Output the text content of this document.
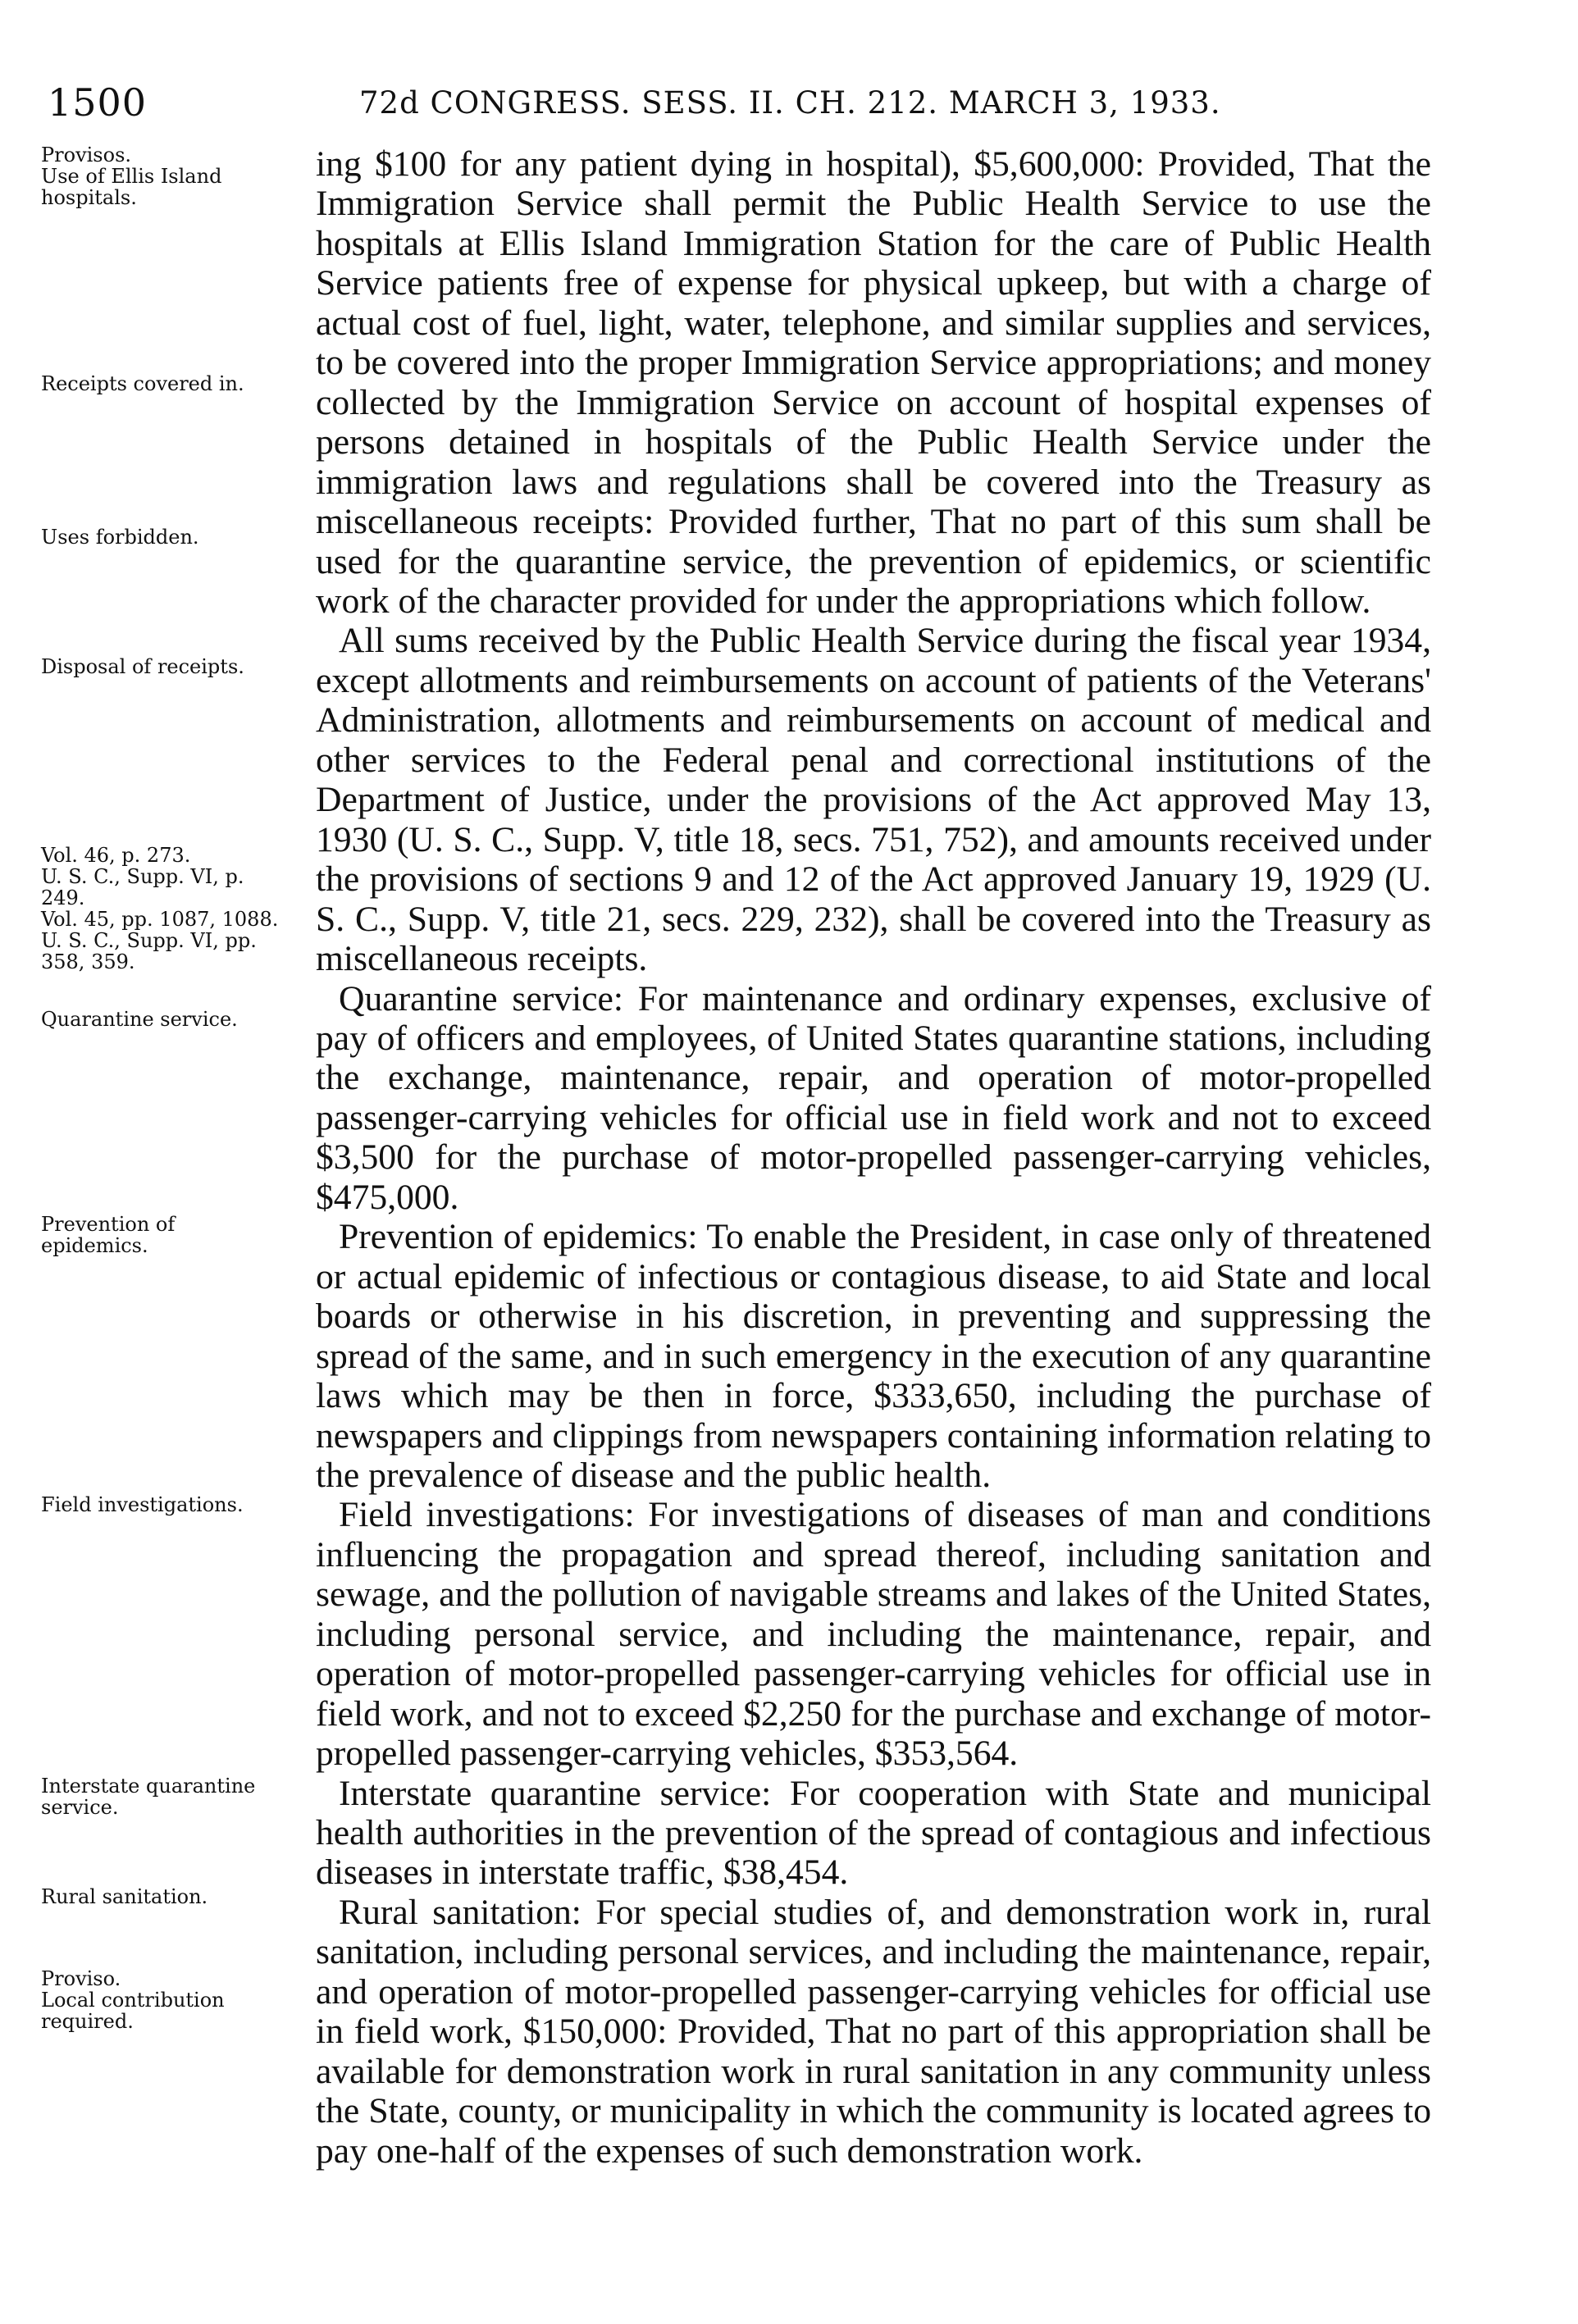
1500	72d CONGRESS. SESS. II. CH. 212. MARCH 3, 1933.
Provisos.
Use of Ellis Island hospitals.
Receipts covered in.
Uses forbidden.
Disposal of receipts.
Vol. 46, p. 273.
U. S. C., Supp. VI, p. 249.
Vol. 45, pp. 1087, 1088.
U. S. C., Supp. VI, pp. 358, 359.
Quarantine service.
Prevention of epidemics.
Field investigations.
Interstate quarantine service.
Rural sanitation.
Proviso.
Local contribution required.

ing $100 for any patient dying in hospital), $5,600,000: Provided, That the Immigration Service shall permit the Public Health Service to use the hospitals at Ellis Island Immigration Station for the care of Public Health Service patients free of expense for physical upkeep, but with a charge of actual cost of fuel, light, water, telephone, and similar supplies and services, to be covered into the proper Immigration Service appropriations; and money collected by the Immigration Service on account of hospital expenses of persons detained in hospitals of the Public Health Service under the immigration laws and regulations shall be covered into the Treasury as miscellaneous receipts: Provided further, That no part of this sum shall be used for the quarantine service, the prevention of epidemics, or scientific work of the character provided for under the appropriations which follow.

All sums received by the Public Health Service during the fiscal year 1934, except allotments and reimbursements on account of patients of the Veterans' Administration, allotments and reimbursements on account of medical and other services to the Federal penal and correctional institutions of the Department of Justice, under the provisions of the Act approved May 13, 1930 (U. S. C., Supp. V, title 18, secs. 751, 752), and amounts received under the provisions of sections 9 and 12 of the Act approved January 19, 1929 (U. S. C., Supp. V, title 21, secs. 229, 232), shall be covered into the Treasury as miscellaneous receipts.

Quarantine service: For maintenance and ordinary expenses, exclusive of pay of officers and employees, of United States quarantine stations, including the exchange, maintenance, repair, and operation of motor-propelled passenger-carrying vehicles for official use in field work and not to exceed $3,500 for the purchase of motor-propelled passenger-carrying vehicles, $475,000.

Prevention of epidemics: To enable the President, in case only of threatened or actual epidemic of infectious or contagious disease, to aid State and local boards or otherwise in his discretion, in preventing and suppressing the spread of the same, and in such emergency in the execution of any quarantine laws which may be then in force, $333,650, including the purchase of newspapers and clippings from newspapers containing information relating to the prevalence of disease and the public health.

Field investigations: For investigations of diseases of man and conditions influencing the propagation and spread thereof, including sanitation and sewage, and the pollution of navigable streams and lakes of the United States, including personal service, and including the maintenance, repair, and operation of motor-propelled passenger-carrying vehicles for official use in field work, and not to exceed $2,250 for the purchase and exchange of motor-propelled passenger-carrying vehicles, $353,564.

Interstate quarantine service: For cooperation with State and municipal health authorities in the prevention of the spread of contagious and infectious diseases in interstate traffic, $38,454.

Rural sanitation: For special studies of, and demonstration work in, rural sanitation, including personal services, and including the maintenance, repair, and operation of motor-propelled passenger-carrying vehicles for official use in field work, $150,000: Provided, That no part of this appropriation shall be available for demonstration work in rural sanitation in any community unless the State, county, or municipality in which the community is located agrees to pay one-half of the expenses of such demonstration work.
